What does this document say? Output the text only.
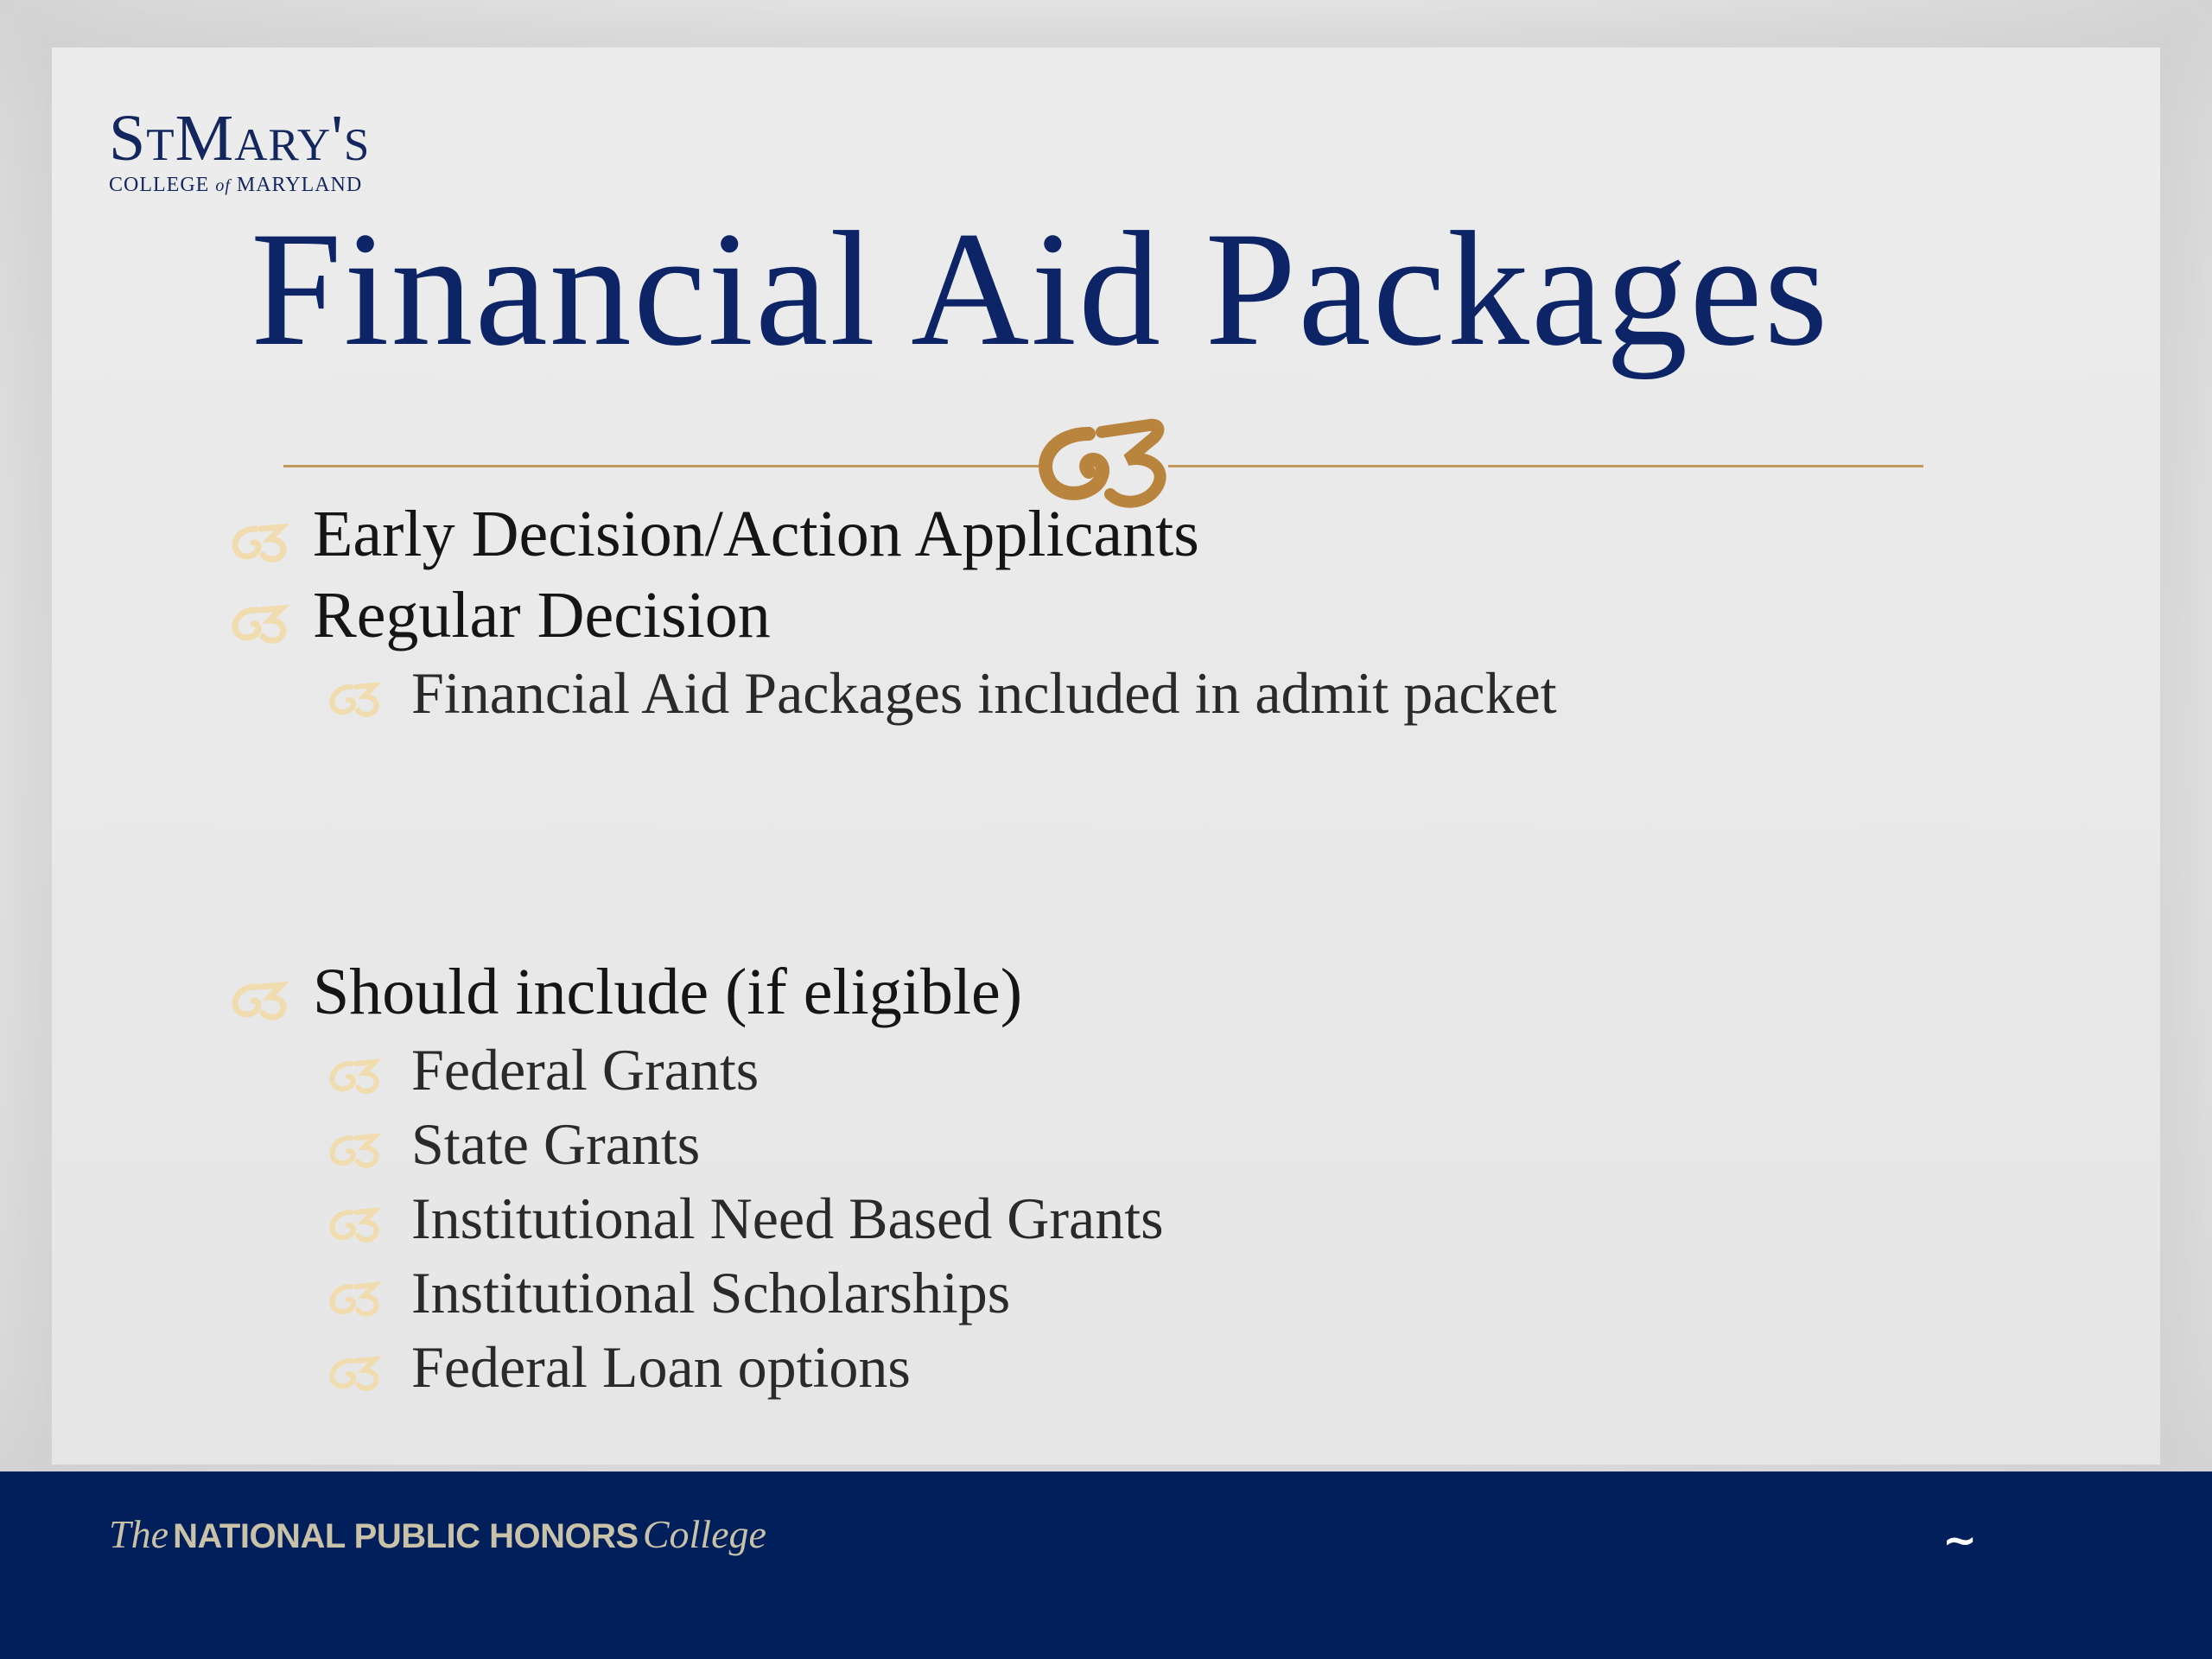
StMary's
COLLEGE of MARYLAND
Financial Aid Packages
Early Decision/Action Applicants
Regular Decision
Financial Aid Packages included in admit packet
Should include (if eligible)
Federal Grants
State Grants
Institutional Need Based Grants
Institutional Scholarships
Federal Loan options
The NATIONAL PUBLIC HONORS College	~
